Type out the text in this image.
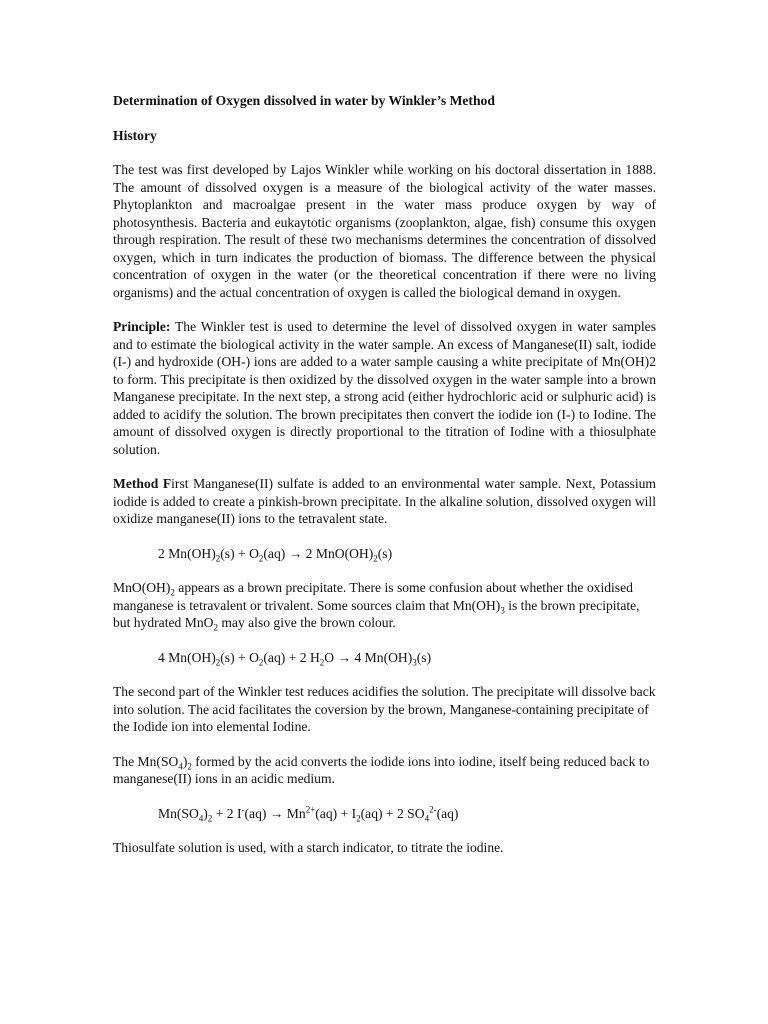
Determination of Oxygen dissolved in water by Winkler’s Method
History
The test was first developed by Lajos Winkler while working on his doctoral dissertation in 1888. The amount of dissolved oxygen is a measure of the biological activity of the water masses. Phytoplankton and macroalgae present in the water mass produce oxygen by way of photosynthesis. Bacteria and eukaytotic organisms (zooplankton, algae, fish) consume this oxygen through respiration. The result of these two mechanisms determines the concentration of dissolved oxygen, which in turn indicates the production of biomass. The difference between the physical concentration of oxygen in the water (or the theoretical concentration if there were no living organisms) and the actual concentration of oxygen is called the biological demand in oxygen.
Principle: The Winkler test is used to determine the level of dissolved oxygen in water samples and to estimate the biological activity in the water sample. An excess of Manganese(II) salt, iodide (I-) and hydroxide (OH-) ions are added to a water sample causing a white precipitate of Mn(OH)2 to form. This precipitate is then oxidized by the dissolved oxygen in the water sample into a brown Manganese precipitate. In the next step, a strong acid (either hydrochloric acid or sulphuric acid) is added to acidify the solution. The brown precipitates then convert the iodide ion (I-) to Iodine. The amount of dissolved oxygen is directly proportional to the titration of Iodine with a thiosulphate solution.
Method First Manganese(II) sulfate is added to an environmental water sample. Next, Potassium iodide is added to create a pinkish-brown precipitate. In the alkaline solution, dissolved oxygen will oxidize manganese(II) ions to the tetravalent state.
2 $Mn(OH)_2(s) + O_2(aq) \to 2$ $MnO(OH)_2(s)$
$MnO(OH)_2$ appears as a brown precipitate. There is some confusion about whether the oxidised manganese is tetravalent or trivalent. Some sources claim that $Mn(OH)_3$ is the brown precipitate, but hydrated MnO$_2$ may also give the brown colour.
4 $Mn(OH)_2(s) + O_2(aq) + 2$ $H_2O \to 4$ $Mn(OH)_3(s)$
The second part of the Winkler test reduces acidifies the solution. The precipitate will dissolve back into solution. The acid facilitates the coversion by the brown, Manganese-containing precipitate of the Iodide ion into elemental Iodine.
The $Mn(SO_4)_2$ formed by the acid converts the iodide ions into iodine, itself being reduced back to manganese(II) ions in an acidic medium.
$Mn(SO_4)_2 + 2$ $I^-(aq) \to Mn^{2+}(aq) + I_2(aq) + 2$ $SO_4^{2-}(aq)$
Thiosulfate solution is used, with a starch indicator, to titrate the iodine.
